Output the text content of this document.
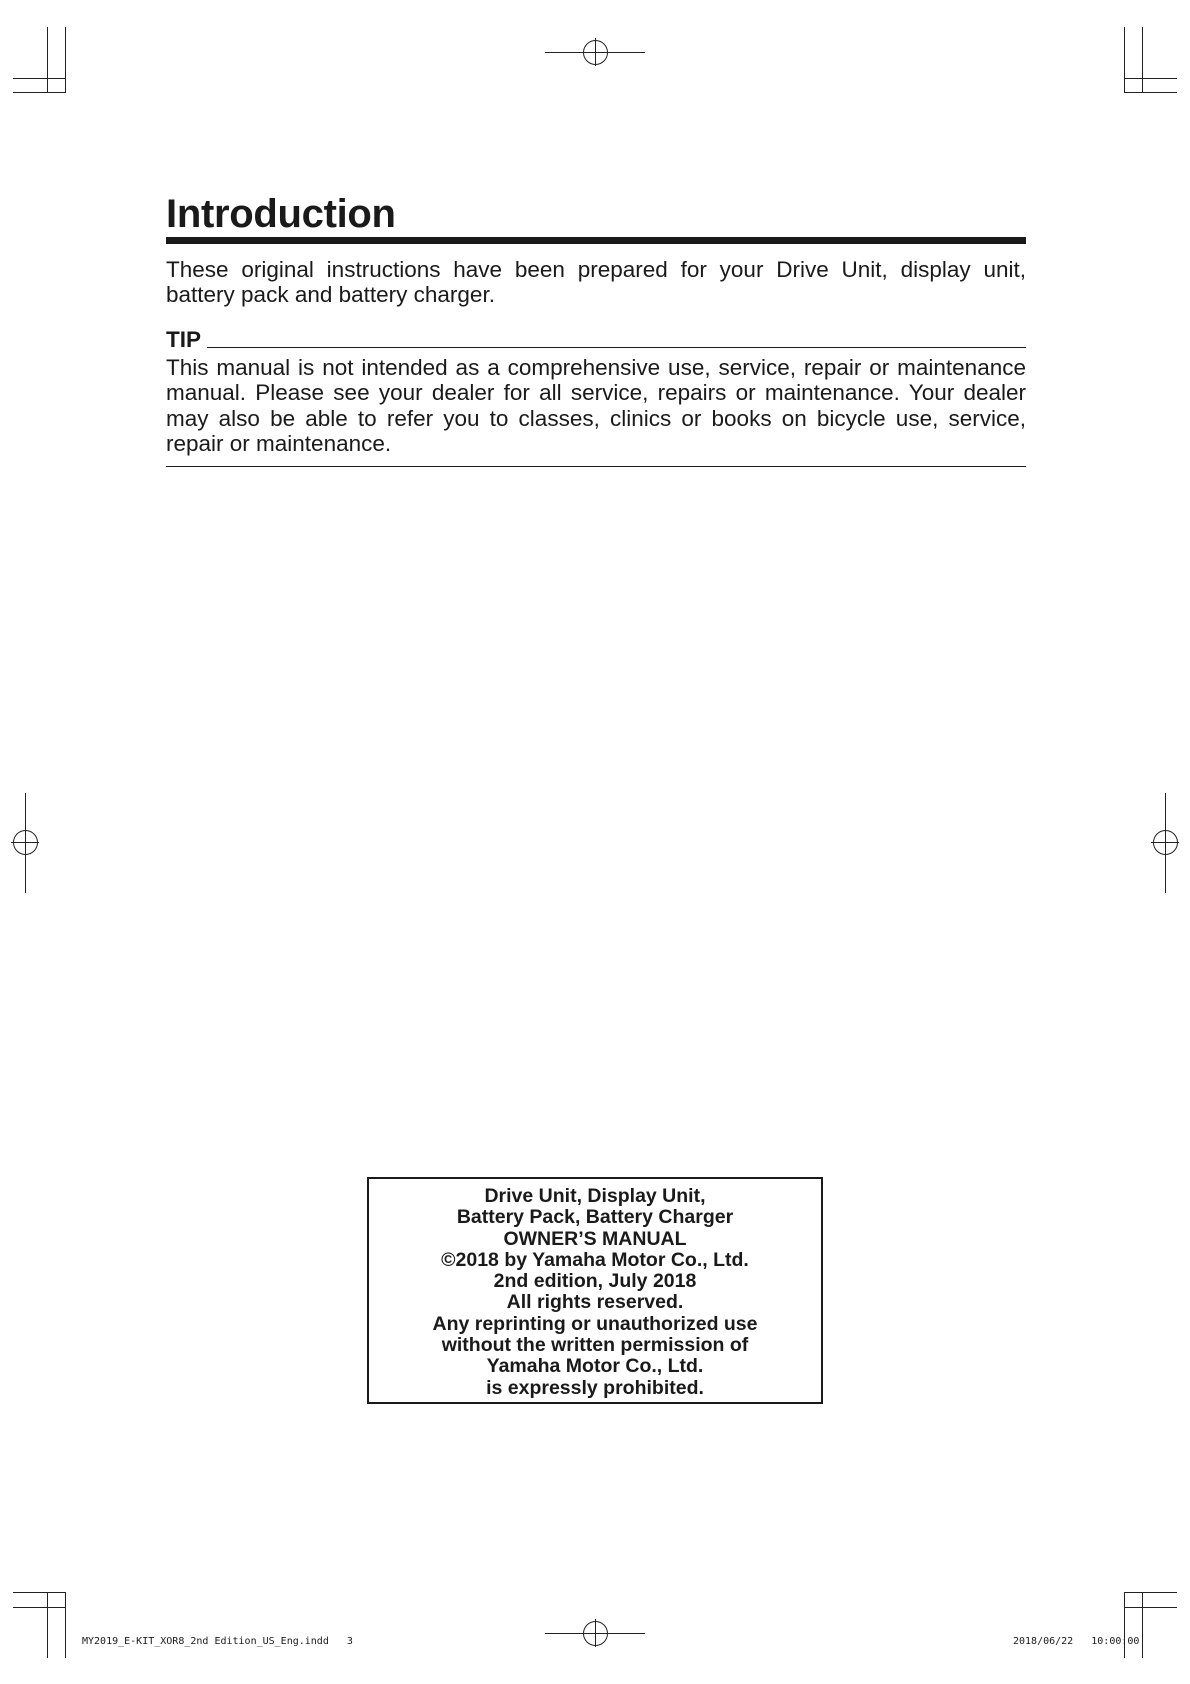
Introduction

These original instructions have been prepared for your Drive Unit, display unit, battery pack and battery charger.

TIP

This manual is not intended as a comprehensive use, service, repair or maintenance manual. Please see your dealer for all service, repairs or maintenance. Your dealer may also be able to refer you to classes, clinics or books on bicycle use, service, repair or maintenance.

Drive Unit, Display Unit,
Battery Pack, Battery Charger
OWNER’S MANUAL
©2018 by Yamaha Motor Co., Ltd.
2nd edition, July 2018
All rights reserved.
Any reprinting or unauthorized use
without the written permission of
Yamaha Motor Co., Ltd.
is expressly prohibited.

MY2019_E-KIT_XOR8_2nd Edition_US_Eng.indd   3	2018/06/22   10:00:00
